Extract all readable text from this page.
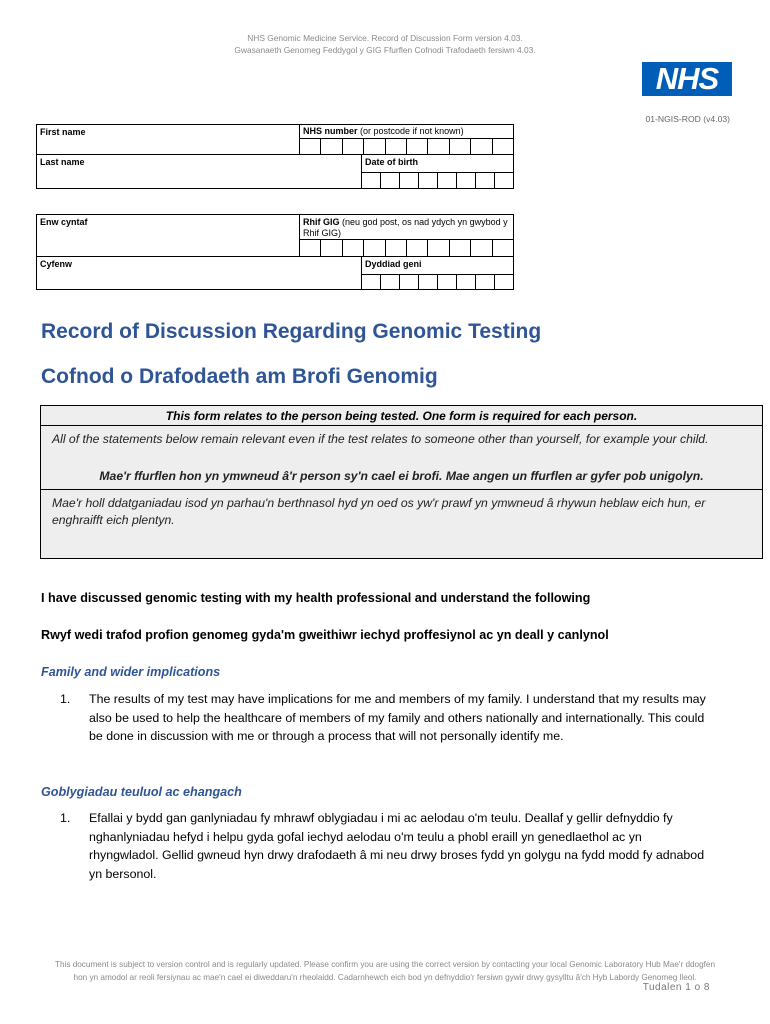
NHS Genomic Medicine Service. Record of Discussion Form version 4.03.
Gwasanaeth Genomeg Feddygol y GIG Ffurflen Cofnodi Trafodaeth fersiwn 4.03.
NHS
01-NGIS-ROD (v4.03)
First name	NHS number (or postcode if not known)
Last name	Date of birth
Enw cyntaf	Rhif GIG (neu god post, os nad ydych yn gwybod y Rhif GIG)
Cyfenw	Dyddiad geni
Record of Discussion Regarding Genomic Testing
Cofnod o Drafodaeth am Brofi Genomig
This form relates to the person being tested. One form is required for each person.

All of the statements below remain relevant even if the test relates to someone other than yourself, for example your child.

Mae'r ffurflen hon yn ymwneud â'r person sy'n cael ei brofi. Mae angen un ffurflen ar gyfer pob unigolyn.

Mae'r holl ddatganiadau isod yn parhau'n berthnasol hyd yn oed os yw'r prawf yn ymwneud â rhywun heblaw eich hun, er enghraifft eich plentyn.

I have discussed genomic testing with my health professional and understand the following
Rwyf wedi trafod profion genomeg gyda'm gweithiwr iechyd proffesiynol ac yn deall y canlynol
Family and wider implications
1. The results of my test may have implications for me and members of my family. I understand that my results may also be used to help the healthcare of members of my family and others nationally and internationally. This could be done in discussion with me or through a process that will not personally identify me.
Goblygiadau teuluol ac ehangach
1. Efallai y bydd gan ganlyniadau fy mhrawf oblygiadau i mi ac aelodau o'm teulu. Deallaf y gellir defnyddio fy nghanlyniadau hefyd i helpu gyda gofal iechyd aelodau o'm teulu a phobl eraill yn genedlaethol ac yn rhyngwladol. Gellid gwneud hyn drwy drafodaeth â mi neu drwy broses fydd yn golygu na fydd modd fy adnabod yn bersonol.
This document is subject to version control and is regularly updated. Please confirm you are using the correct version by contacting your local Genomic Laboratory Hub Mae'r ddogfen
hon yn amodol ar reoli fersiynau ac mae'n cael ei diweddaru'n rheolaidd. Cadarnhewch eich bod yn defnyddio'r fersiwn gywir drwy gysylltu â'ch Hyb Labordy Genomeg lleol.
Tudalen 1 o 8
